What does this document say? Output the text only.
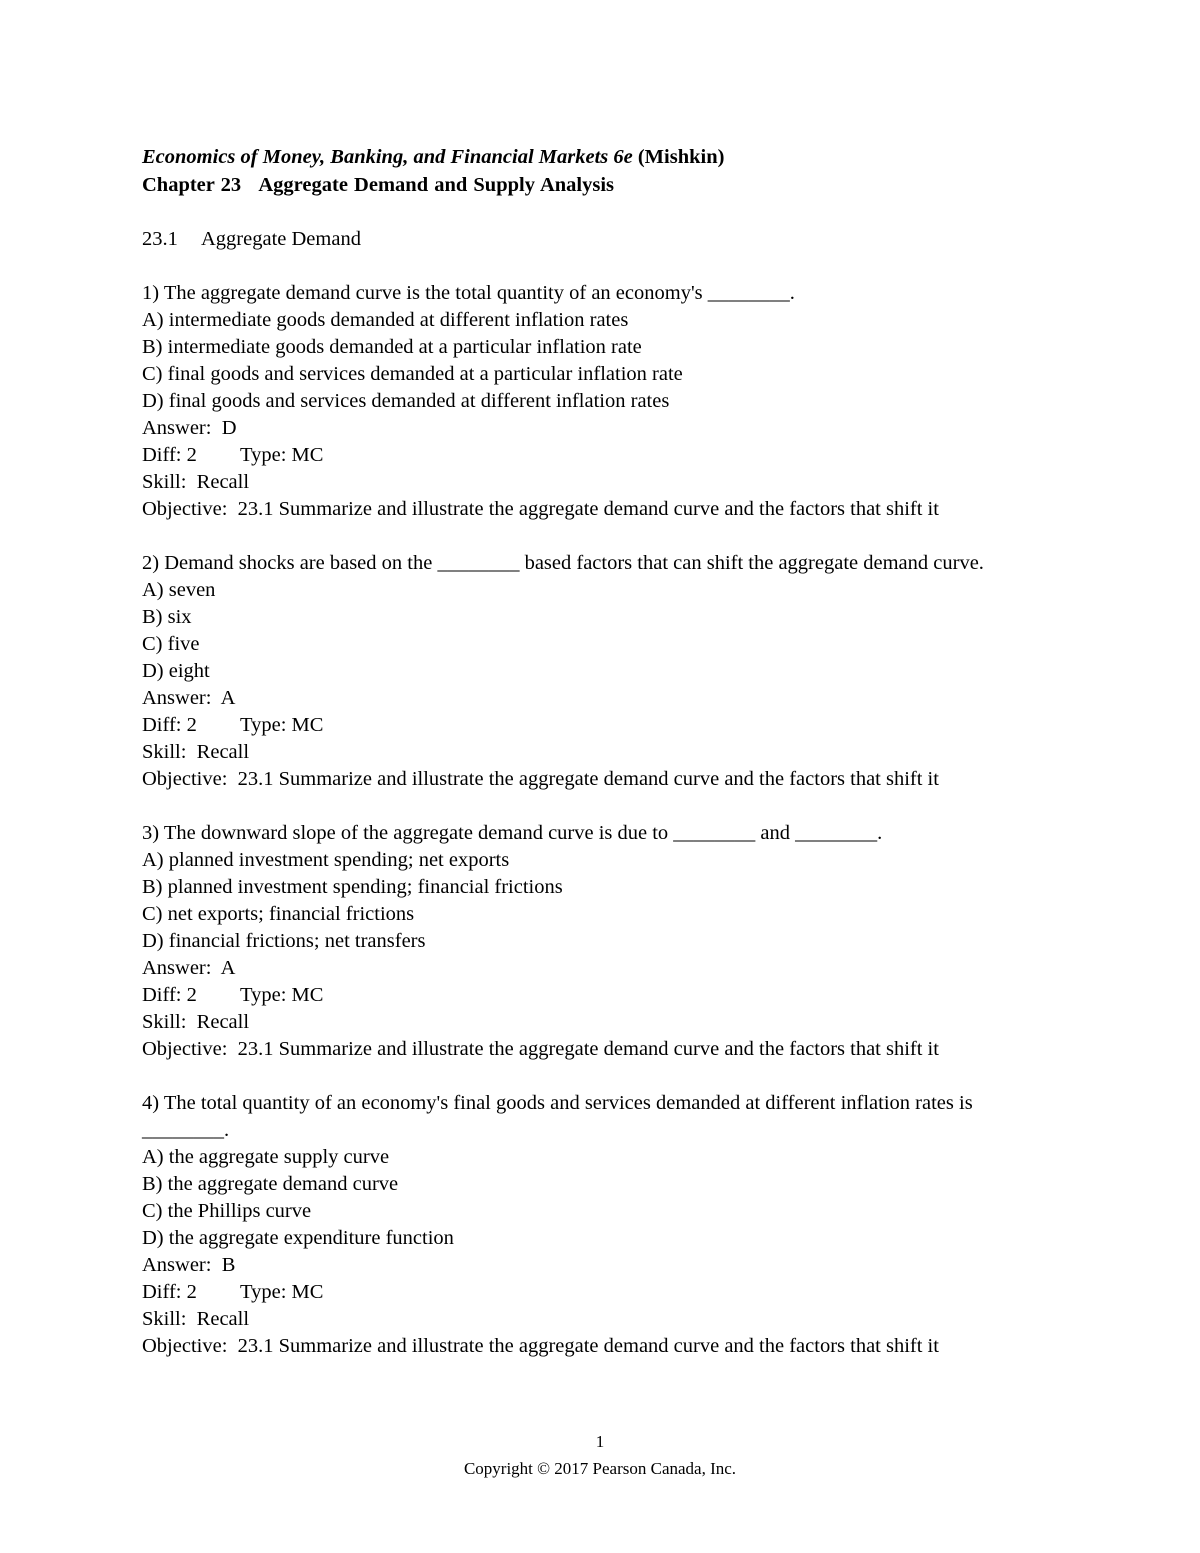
Economics of Money, Banking, and Financial Markets 6e (Mishkin)
Chapter 23   Aggregate Demand and Supply Analysis
23.1 Aggregate Demand
1) The aggregate demand curve is the total quantity of an economy's ________.
A) intermediate goods demanded at different inflation rates
B) intermediate goods demanded at a particular inflation rate
C) final goods and services demanded at a particular inflation rate
D) final goods and services demanded at different inflation rates
Answer:  D
Diff: 2 Type: MC
Skill:  Recall
Objective:  23.1 Summarize and illustrate the aggregate demand curve and the factors that shift it
2) Demand shocks are based on the ________ based factors that can shift the aggregate demand curve.
A) seven
B) six
C) five
D) eight
Answer:  A
Diff: 2 Type: MC
Skill:  Recall
Objective:  23.1 Summarize and illustrate the aggregate demand curve and the factors that shift it
3) The downward slope of the aggregate demand curve is due to ________ and ________.
A) planned investment spending; net exports
B) planned investment spending; financial frictions
C) net exports; financial frictions
D) financial frictions; net transfers
Answer:  A
Diff: 2 Type: MC
Skill:  Recall
Objective:  23.1 Summarize and illustrate the aggregate demand curve and the factors that shift it
4) The total quantity of an economy's final goods and services demanded at different inflation rates is ________.
A) the aggregate supply curve
B) the aggregate demand curve
C) the Phillips curve
D) the aggregate expenditure function
Answer:  B
Diff: 2 Type: MC
Skill:  Recall
Objective:  23.1 Summarize and illustrate the aggregate demand curve and the factors that shift it
1
Copyright © 2017 Pearson Canada, Inc.
